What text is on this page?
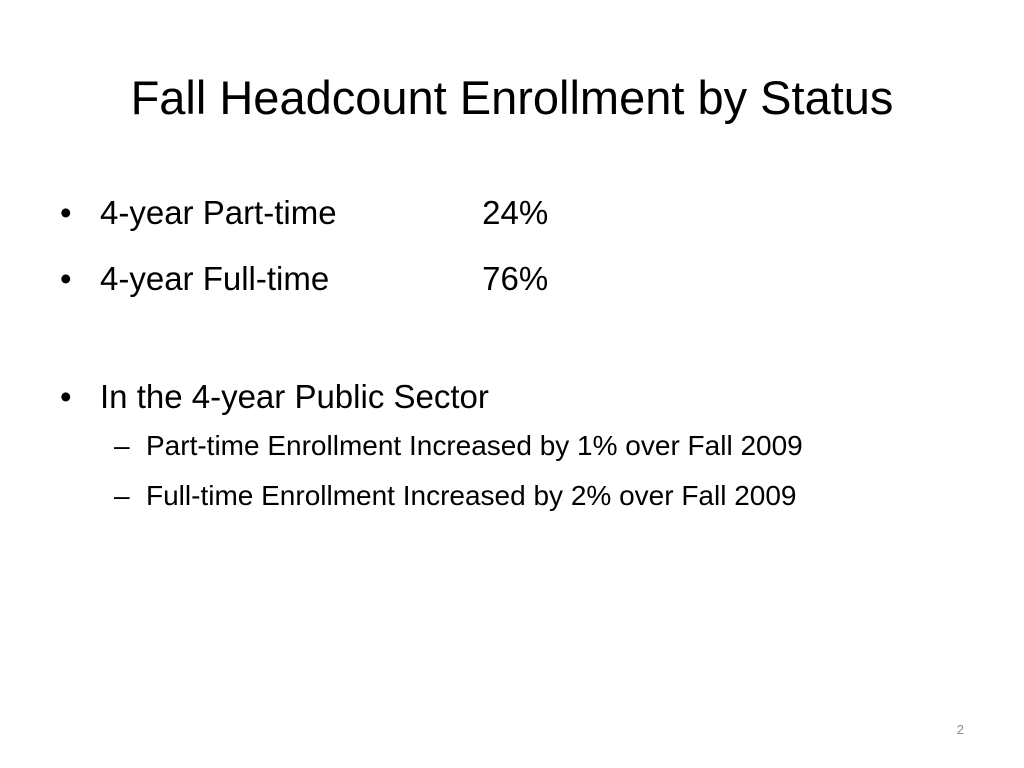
Fall Headcount Enrollment by Status
• 4-year Part-time	24%
• 4-year Full-time	76%
• In the 4-year Public Sector
– Part-time Enrollment Increased by 1% over Fall 2009
– Full-time Enrollment Increased by 2% over Fall 2009
2
